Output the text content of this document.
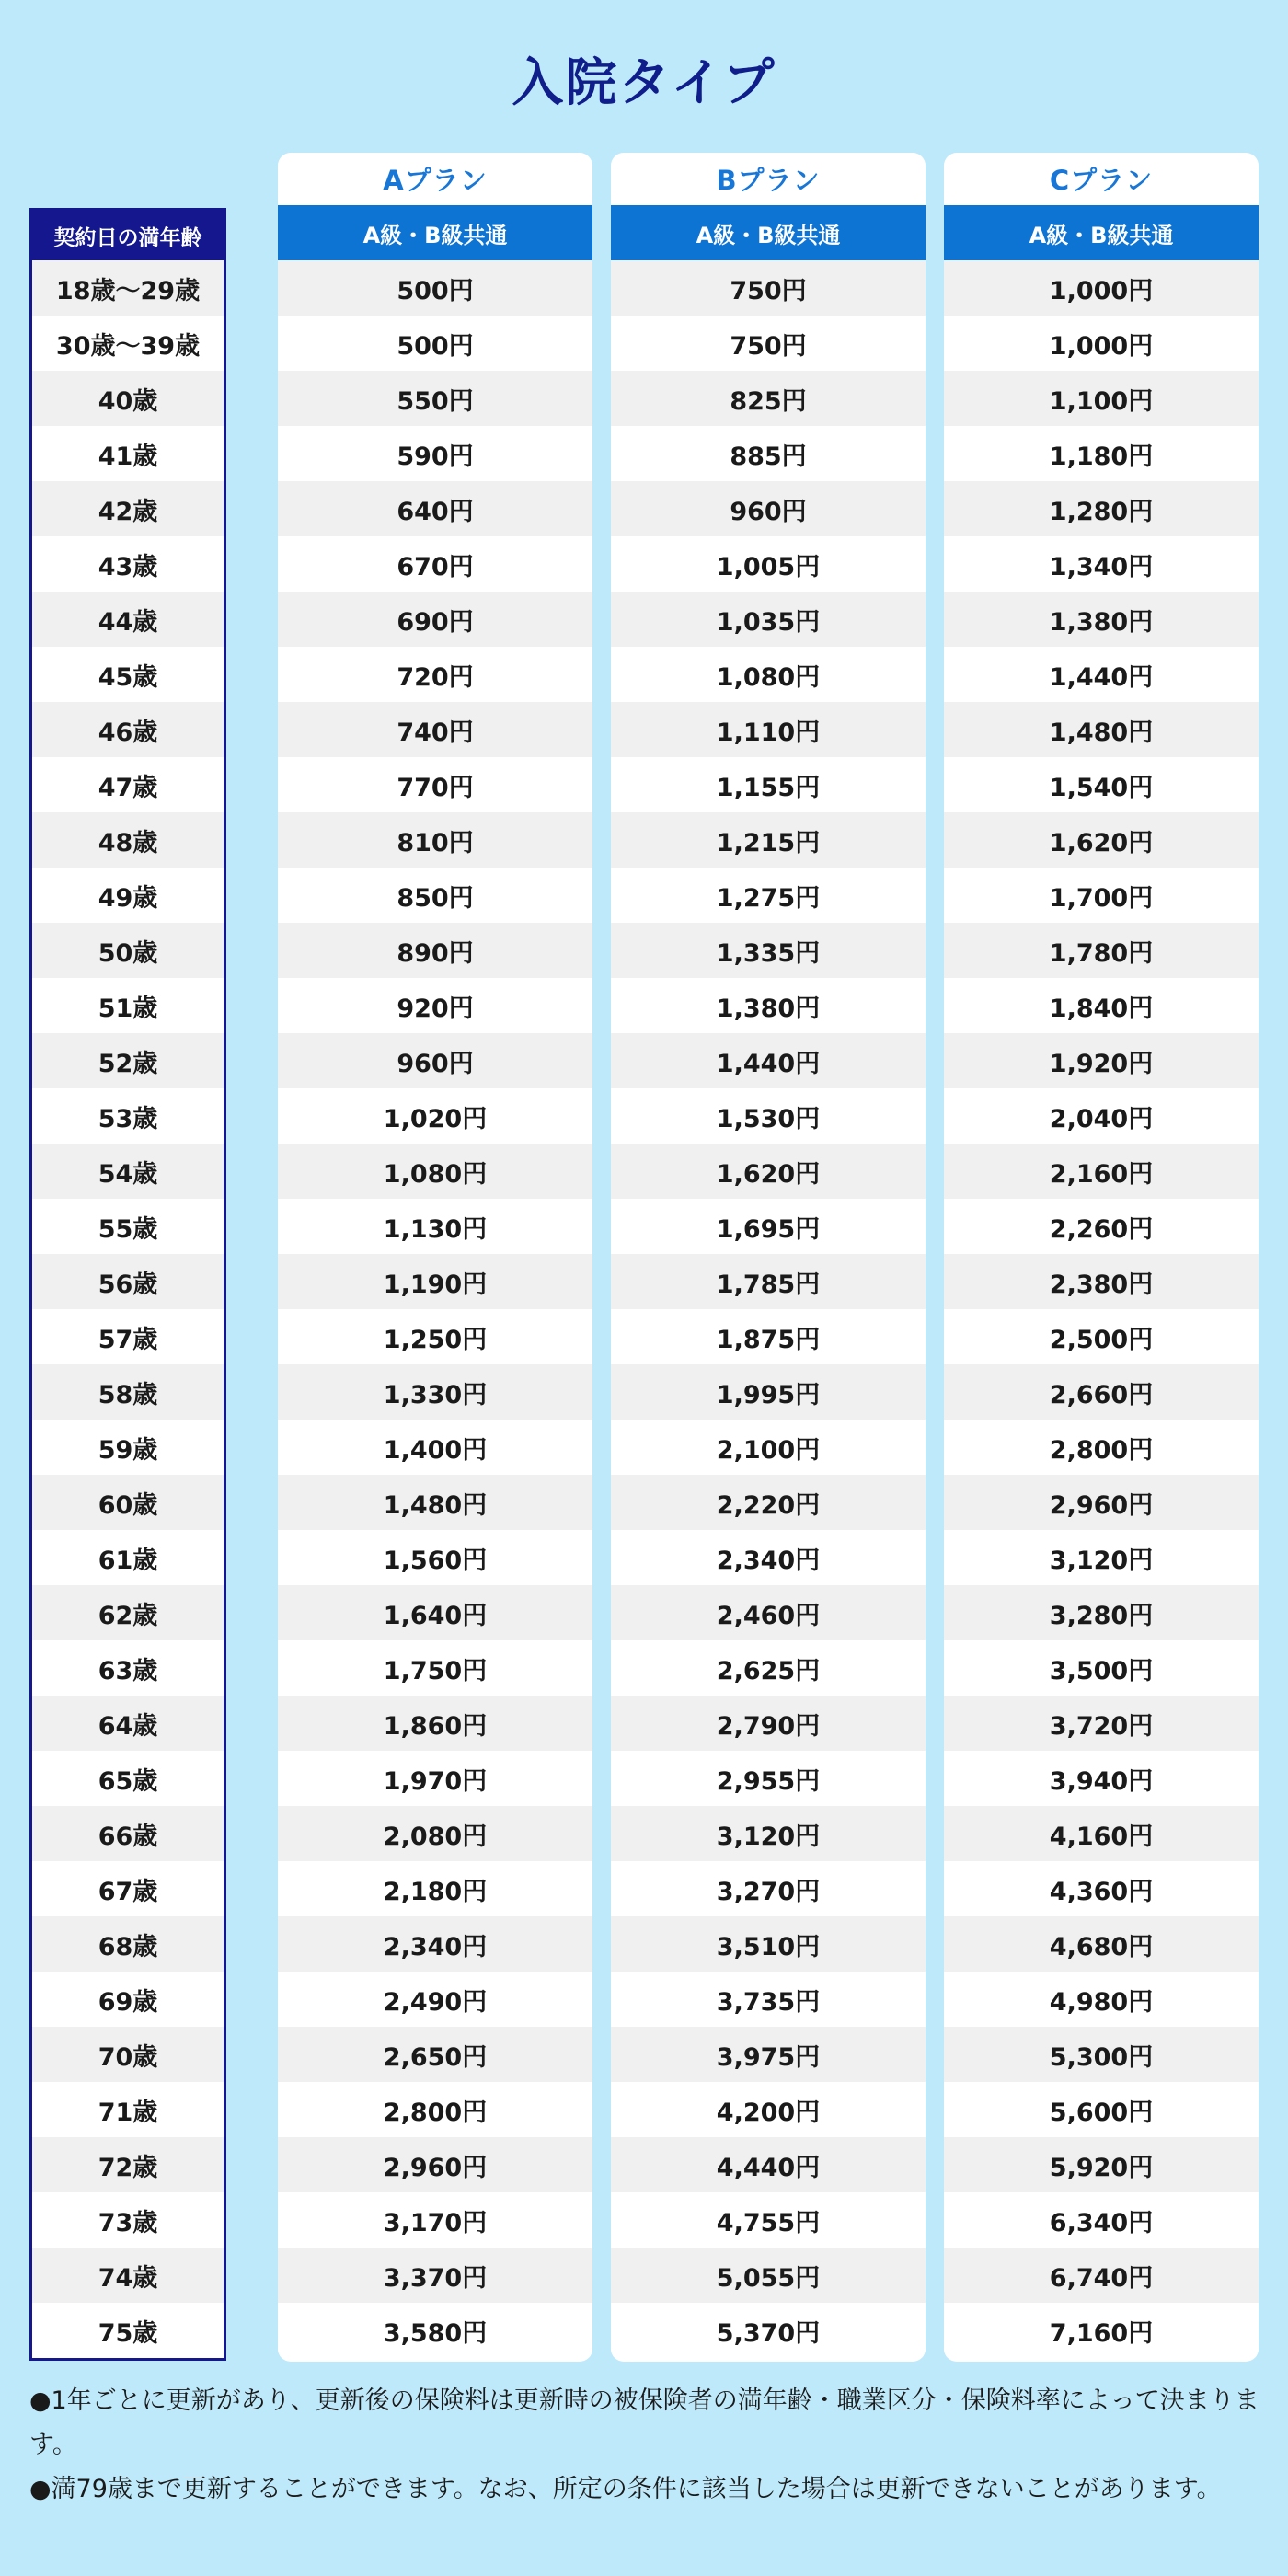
入院タイプ
契約日の満年齢
18歳～29歳
30歳～39歳
40歳
41歳
42歳
43歳
44歳
45歳
46歳
47歳
48歳
49歳
50歳
51歳
52歳
53歳
54歳
55歳
56歳
57歳
58歳
59歳
60歳
61歳
62歳
63歳
64歳
65歳
66歳
67歳
68歳
69歳
70歳
71歳
72歳
73歳
74歳
75歳
Aプラン
A級・B級共通
500円
500円
550円
590円
640円
670円
690円
720円
740円
770円
810円
850円
890円
920円
960円
1,020円
1,080円
1,130円
1,190円
1,250円
1,330円
1,400円
1,480円
1,560円
1,640円
1,750円
1,860円
1,970円
2,080円
2,180円
2,340円
2,490円
2,650円
2,800円
2,960円
3,170円
3,370円
3,580円
Bプラン
A級・B級共通
750円
750円
825円
885円
960円
1,005円
1,035円
1,080円
1,110円
1,155円
1,215円
1,275円
1,335円
1,380円
1,440円
1,530円
1,620円
1,695円
1,785円
1,875円
1,995円
2,100円
2,220円
2,340円
2,460円
2,625円
2,790円
2,955円
3,120円
3,270円
3,510円
3,735円
3,975円
4,200円
4,440円
4,755円
5,055円
5,370円
Cプラン
A級・B級共通
1,000円
1,000円
1,100円
1,180円
1,280円
1,340円
1,380円
1,440円
1,480円
1,540円
1,620円
1,700円
1,780円
1,840円
1,920円
2,040円
2,160円
2,260円
2,380円
2,500円
2,660円
2,800円
2,960円
3,120円
3,280円
3,500円
3,720円
3,940円
4,160円
4,360円
4,680円
4,980円
5,300円
5,600円
5,920円
6,340円
6,740円
7,160円

●1年ごとに更新があり、更新後の保険料は更新時の被保険者の満年齢・職業区分・保険料率によって決まります。

●満79歳まで更新することができます。なお、所定の条件に該当した場合は更新できないことがあります。
